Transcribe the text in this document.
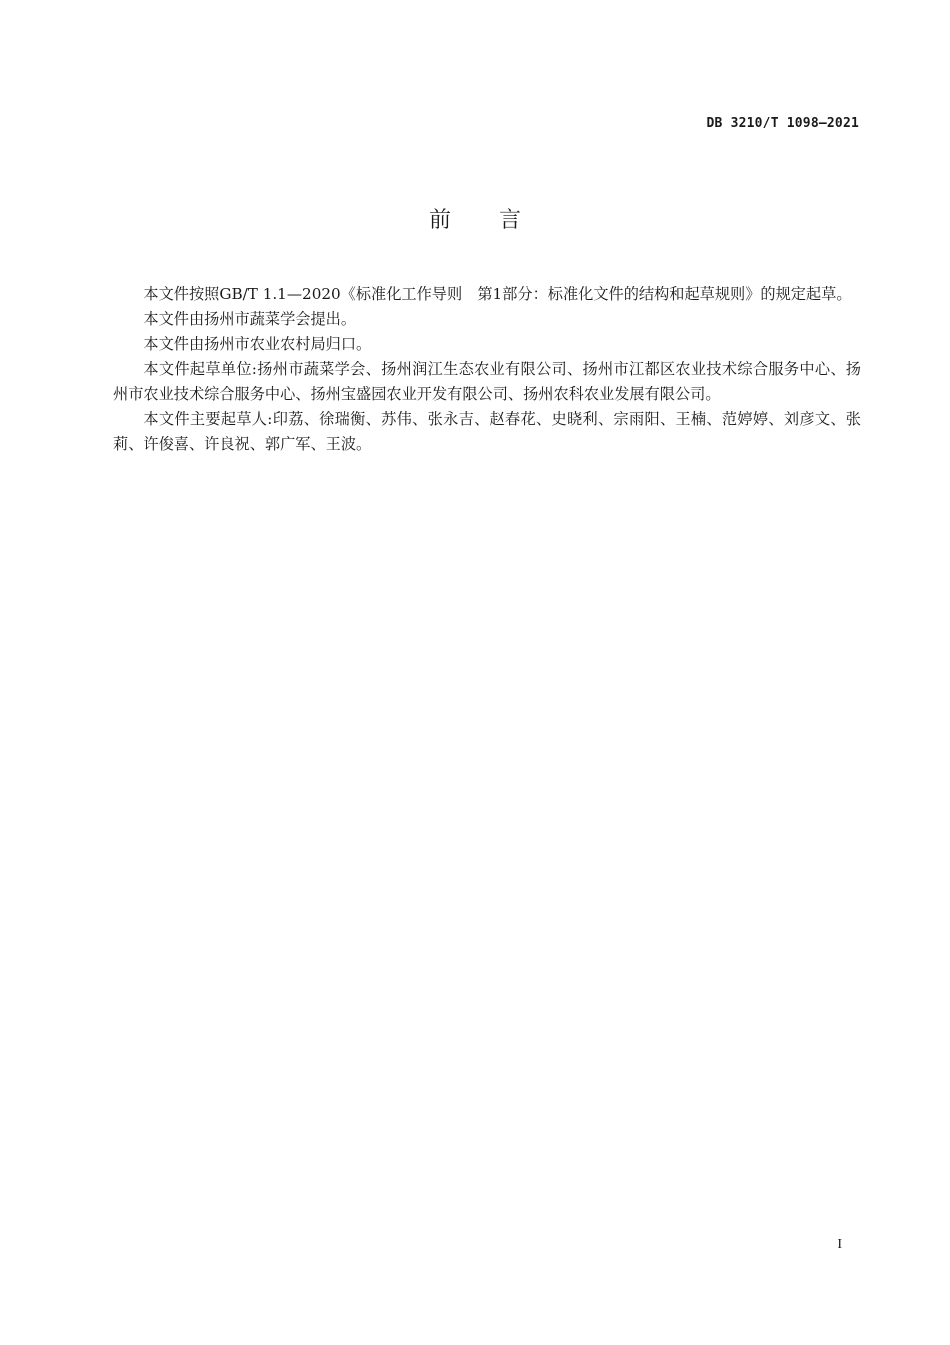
DB 3210/T 1098—2021
前 言

本文件按照GB/T 1.1—2020《标准化工作导则　第1部分：标准化文件的结构和起草规则》的规定起草。

本文件由扬州市蔬菜学会提出。

本文件由扬州市农业农村局归口。

本文件起草单位:扬州市蔬菜学会、扬州润江生态农业有限公司、扬州市江都区农业技术综合服务中心、扬州市农业技术综合服务中心、扬州宝盛园农业开发有限公司、扬州农科农业发展有限公司。

本文件主要起草人:印荔、徐瑞衡、苏伟、张永吉、赵春花、史晓利、宗雨阳、王楠、范婷婷、刘彦文、张莉、许俊喜、许良祝、郭广军、王波。

I
